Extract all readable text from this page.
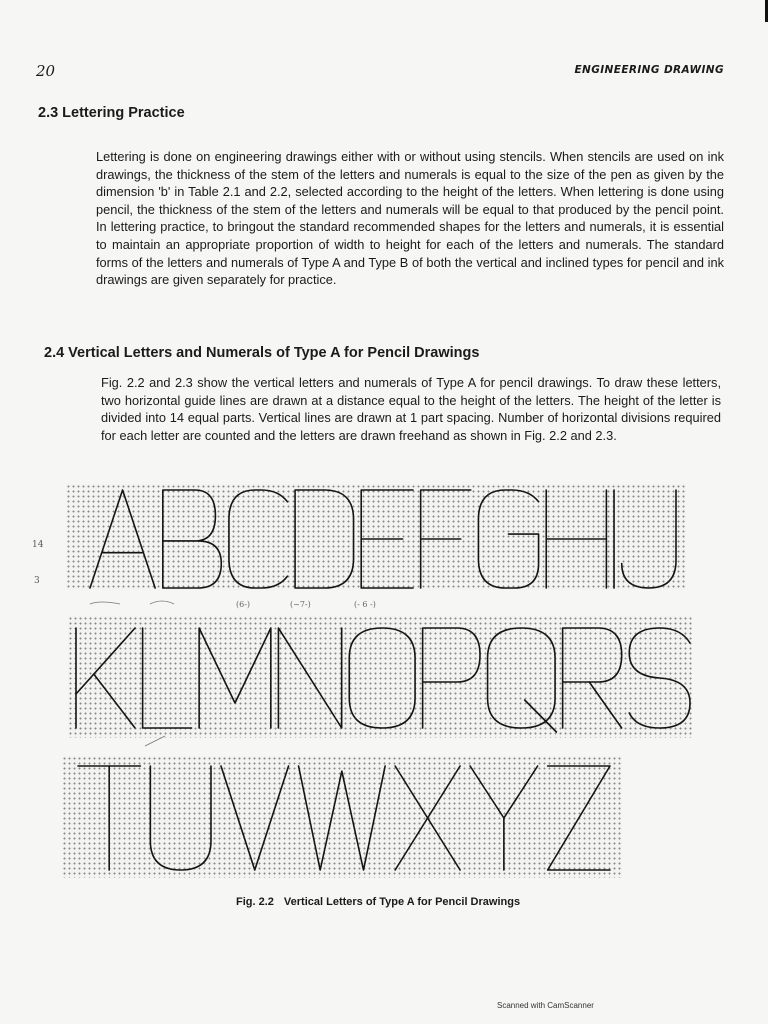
20	ENGINEERING DRAWING
2.3 Lettering Practice

Lettering is done on engineering drawings either with or without using stencils. When stencils are used on ink drawings, the thickness of the stem of the letters and numerals is equal to the size of the pen as given by the dimension 'b' in Table 2.1 and 2.2, selected according to the height of the letters. When lettering is done using pencil, the thickness of the stem of the letters and numerals will be equal to that produced by the pencil point. In lettering practice, to bringout the standard recommended shapes for the letters and numerals, it is essential to maintain an appropriate proportion of width to height for each of the letters and numerals. The standard forms of the letters and numerals of Type A and Type B of both the vertical and inclined types for pencil and ink drawings are given separately for practice.

2.4 Vertical Letters and Numerals of Type A for Pencil Drawings

Fig. 2.2 and 2.3 show the vertical letters and numerals of Type A for pencil drawings. To draw these letters, two horizontal guide lines are drawn at a distance equal to the height of the letters. The height of the letter is divided into 14 equal parts. Vertical lines are drawn at 1 part spacing. Number of horizontal divisions required for each letter are counted and the letters are drawn freehand as shown in Fig. 2.2 and 2.3.

(6-)	(~7-)	(- 6 -)
14
3
Fig. 2.2 Vertical Letters of Type A for Pencil Drawings
Scanned with CamScanner
